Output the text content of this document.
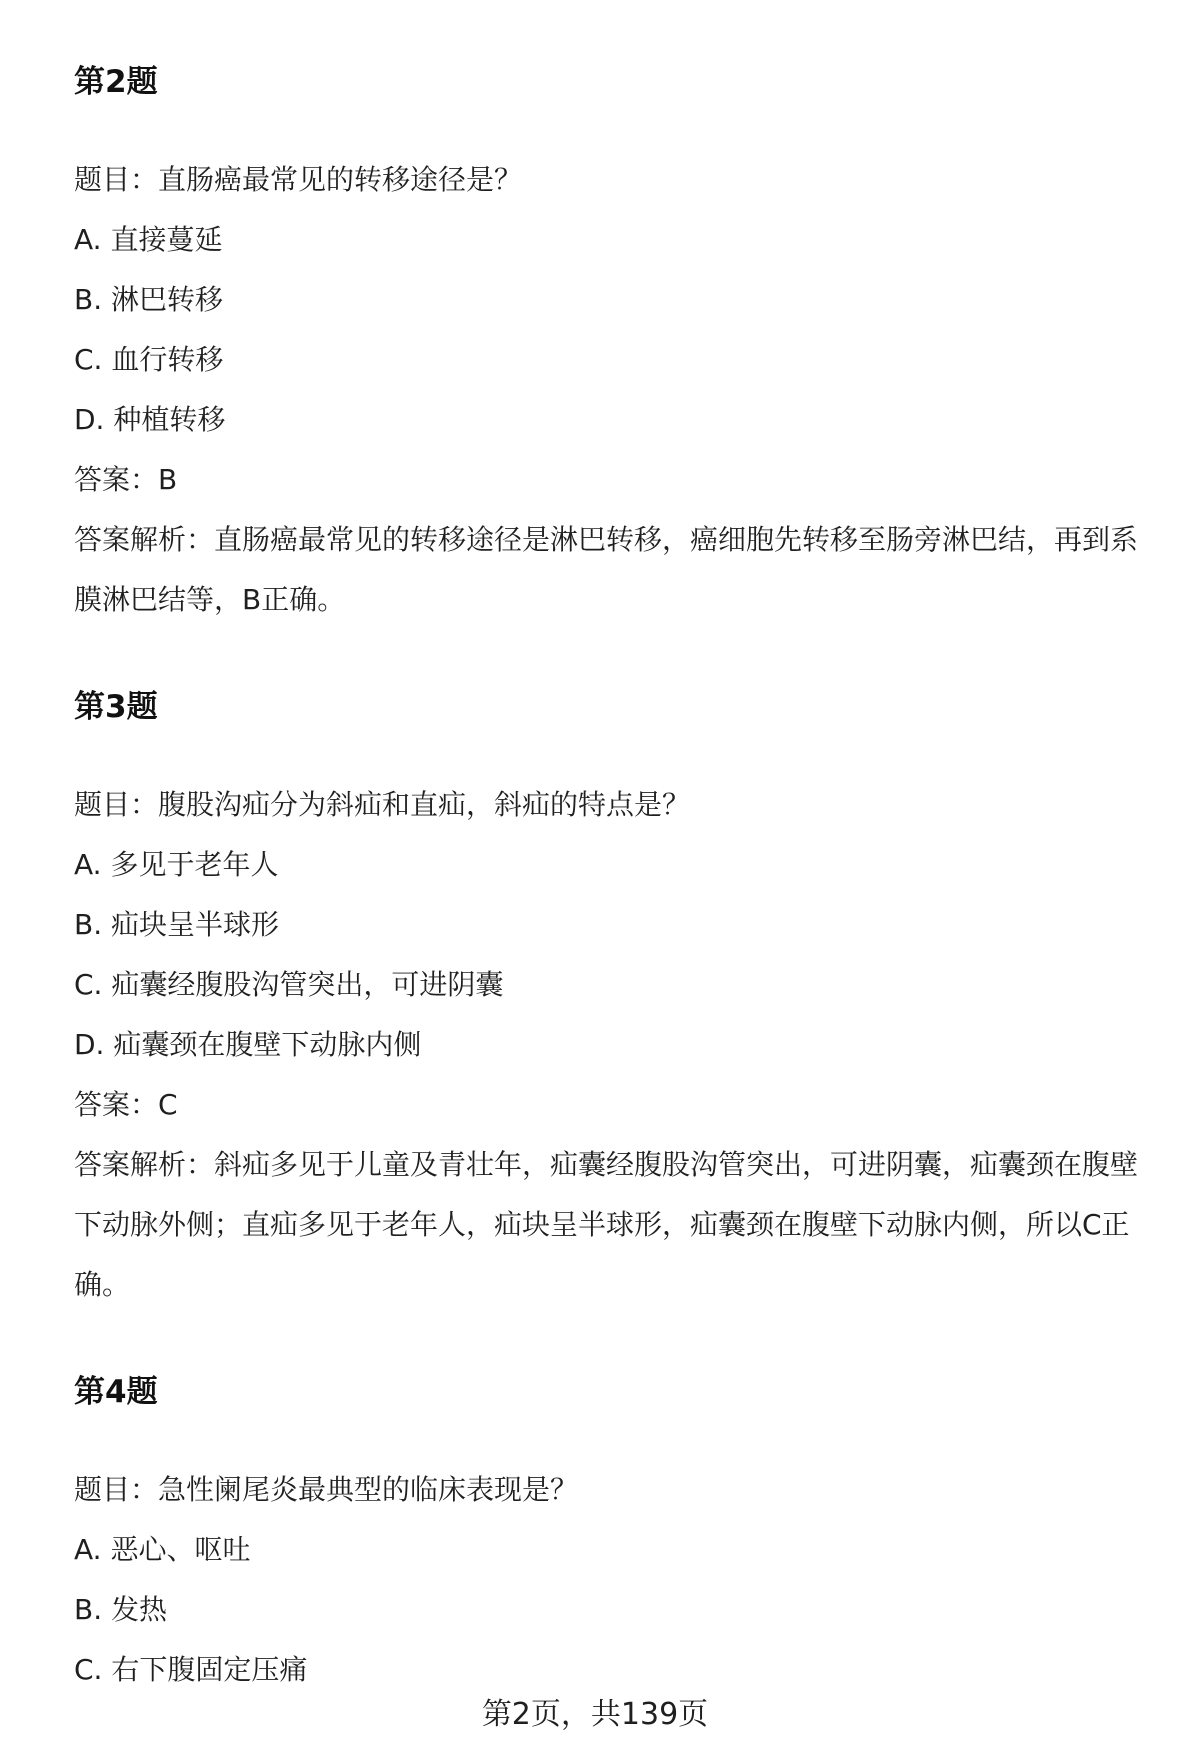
第2题

题目：直肠癌最常见的转移途径是？

A. 直接蔓延

B. 淋巴转移

C. 血行转移

D. 种植转移

答案：B

答案解析：直肠癌最常见的转移途径是淋巴转移，癌细胞先转移至肠旁淋巴结，再到系膜淋巴结等，B正确。

第3题

题目：腹股沟疝分为斜疝和直疝，斜疝的特点是？

A. 多见于老年人

B. 疝块呈半球形

C. 疝囊经腹股沟管突出，可进阴囊

D. 疝囊颈在腹壁下动脉内侧

答案：C

答案解析：斜疝多见于儿童及青壮年，疝囊经腹股沟管突出，可进阴囊，疝囊颈在腹壁下动脉外侧；直疝多见于老年人，疝块呈半球形，疝囊颈在腹壁下动脉内侧，所以C正确。

第4题

题目：急性阑尾炎最典型的临床表现是？

A. 恶心、呕吐

B. 发热

C. 右下腹固定压痛

第2页，共139页
